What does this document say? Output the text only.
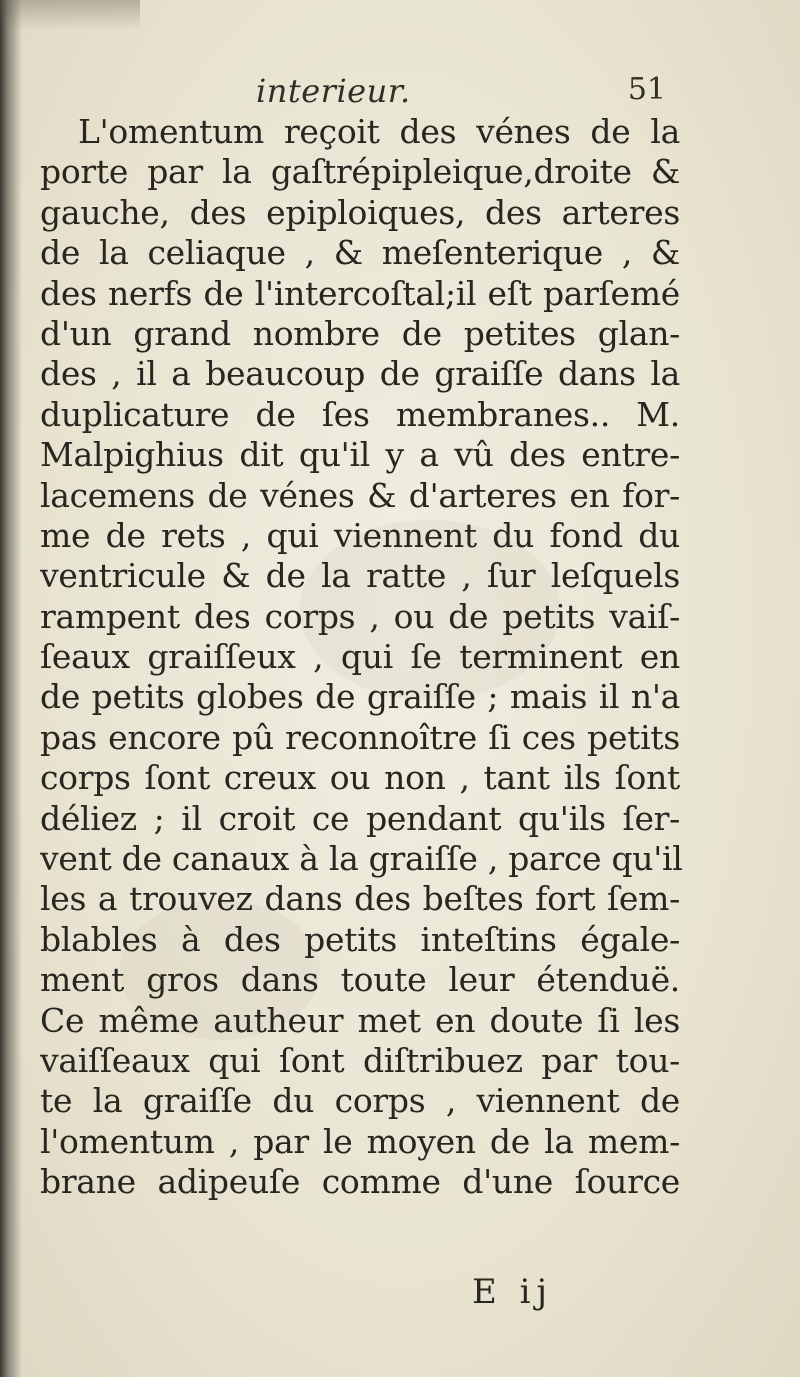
interieur.	51
L'omentum reçoit des vénes de la
porte par la gaſtrépipleique,droite &
gauche, des epiploiques, des arteres
de la celiaque , & meſenterique , &
des nerfs de l'intercoſtal;il eſt parſemé
d'un grand nombre de petites glan-
des , il a beaucoup de graiſſe dans la
duplicature de ſes membranes.. M.
Malpighius dit qu'il y a vû des entre-
lacemens de vénes & d'arteres en for-
me de rets , qui viennent du fond du
ventricule & de la ratte , ſur leſquels
rampent des corps , ou de petits vaiſ-
ſeaux graiſſeux , qui ſe terminent en
de petits globes de graiſſe ; mais il n'a
pas encore pû reconnoître ſi ces petits
corps ſont creux ou non , tant ils ſont
déliez ; il croit ce pendant qu'ils ſer-
vent de canaux à la graiſſe , parce qu'il
les a trouvez dans des beſtes fort ſem-
blables à des petits inteſtins égale-
ment gros dans toute leur étenduë.
Ce même autheur met en doute ſi les
vaiſſeaux qui ſont diſtribuez par tou-
te la graiſſe du corps , viennent de
l'omentum , par le moyen de la mem-
brane adipeuſe comme d'une ſource
E ij
